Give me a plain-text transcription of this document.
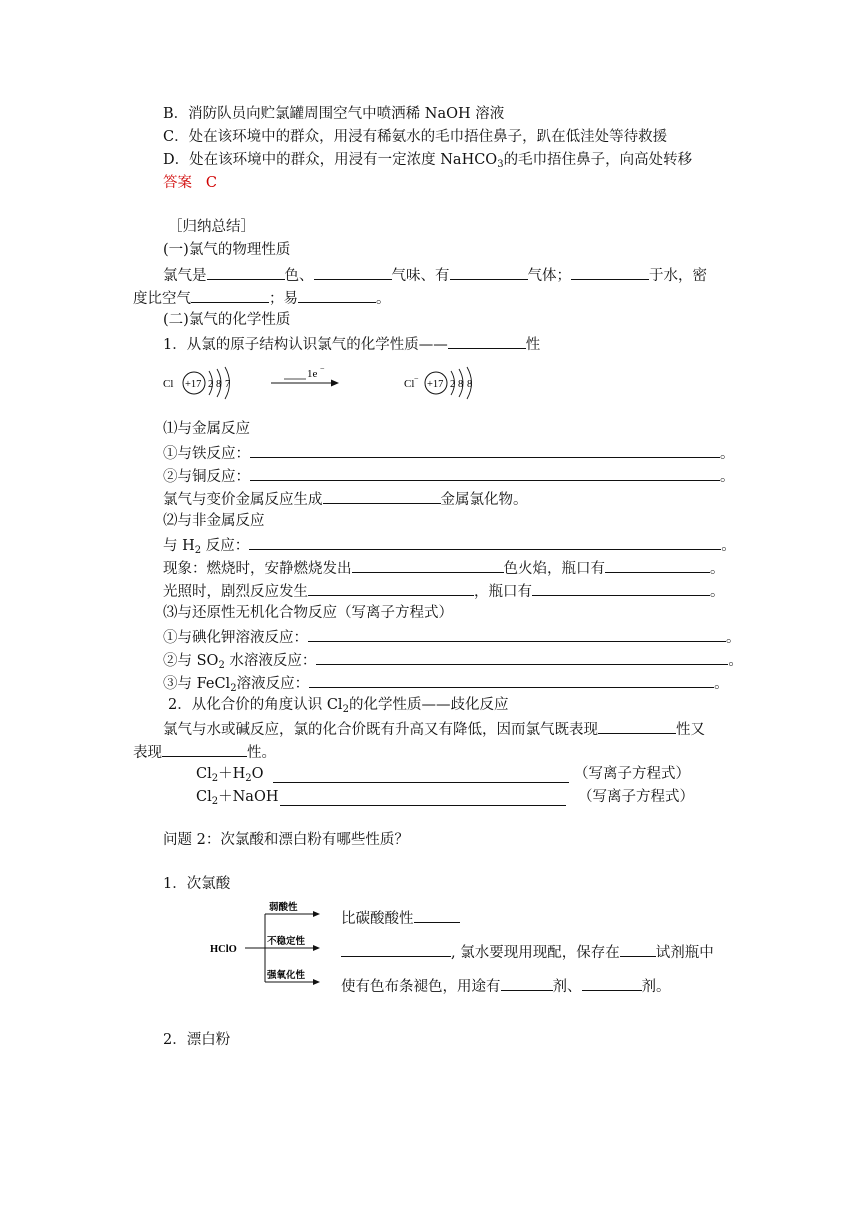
B．消防队员向贮氯罐周围空气中喷洒稀 NaOH 溶液
C．处在该环境中的群众，用浸有稀氨水的毛巾捂住鼻子，趴在低洼处等待救援
D．处在该环境中的群众，用浸有一定浓度 NaHCO$_3$的毛巾捂住鼻子，向高处转移
答案 C
［归纳总结］
(一)氯气的物理性质
氯气是	色、	气味、有	气体；	于水，密
度比空气	；易	。
(二)氯气的化学性质
1．从氯的原子结构认识氯气的化学性质——	性
Cl +17 2 8 7
1e −
Cl −
+17 2 8 8
⑴与金属反应
①与铁反应：	。
②与铜反应：	。
氯气与变价金属反应生成	金属氯化物。
⑵与非金属反应
与 $H_2$ 反应：	。
现象：燃烧时，安静燃烧发出	色火焰，瓶口有	。
光照时，剧烈反应发生	，瓶口有	。
⑶与还原性无机化合物反应（写离子方程式）
①与碘化钾溶液反应：	。
②与 $SO_2$ 水溶液反应：	。
③与 FeCl$_2$溶液反应：	。
2．从化合价的角度认识 $Cl_2$的化学性质——歧化反应
氯气与水或碱反应，氯的化合价既有升高又有降低，因而氯气既表现	性又
表现	性。
$Cl_2+H_2O$	（写离子方程式）
$Cl_2+NaOH$	（写离子方程式）
问题 2：次氯酸和漂白粉有哪些性质？
1．次氯酸
HClO
弱酸性
不稳定性
强氧化性
比碳酸酸性
, 氯水要现用现配，保存在 试剂瓶中
使有色布条褪色，用途有	剂、	剂。
2．漂白粉
